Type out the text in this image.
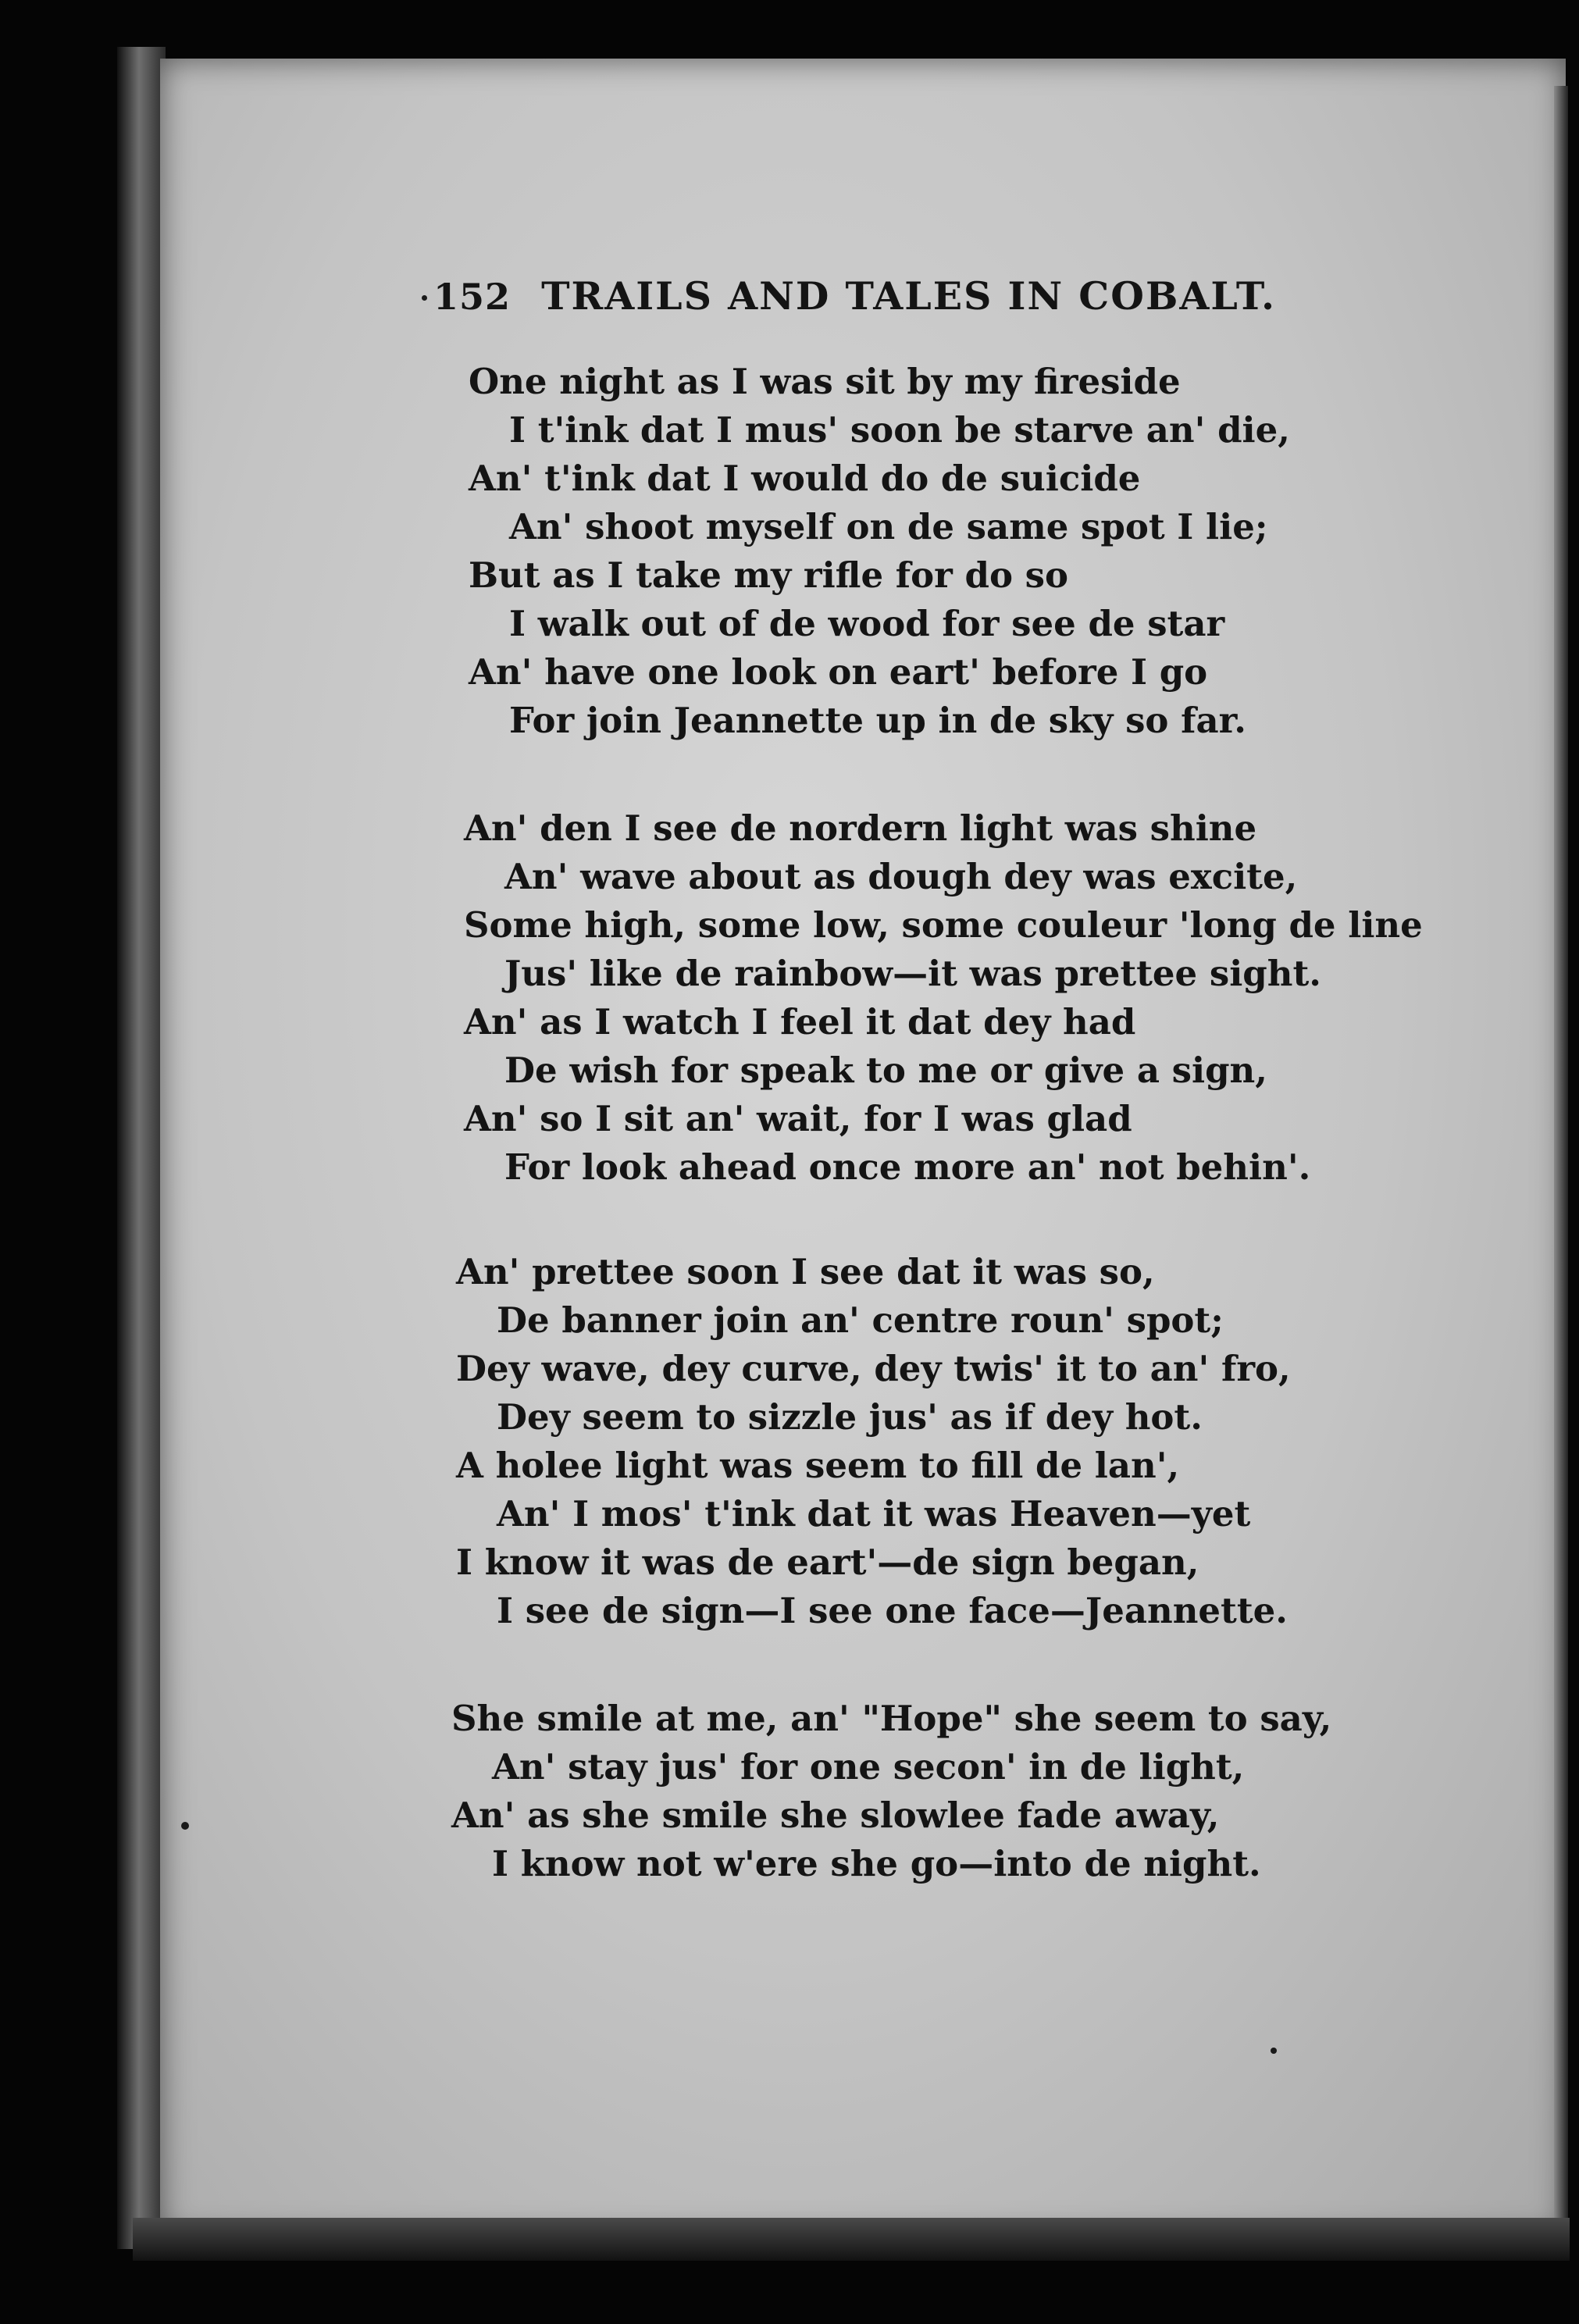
152 TRAILS AND TALES IN COBALT.
One night as I was sit by my fireside
I t'ink dat I mus' soon be starve an' die,
An' t'ink dat I would do de suicide
An' shoot myself on de same spot I lie;
But as I take my rifle for do so
I walk out of de wood for see de star
An' have one look on eart' before I go
For join Jeannette up in de sky so far.
An' den I see de nordern light was shine
An' wave about as dough dey was excite,
Some high, some low, some couleur 'long de line
Jus' like de rainbow—it was prettee sight.
An' as I watch I feel it dat dey had
De wish for speak to me or give a sign,
An' so I sit an' wait, for I was glad
For look ahead once more an' not behin'.
An' prettee soon I see dat it was so,
De banner join an' centre roun' spot;
Dey wave, dey curve, dey twis' it to an' fro,
Dey seem to sizzle jus' as if dey hot.
A holee light was seem to fill de lan',
An' I mos' t'ink dat it was Heaven—yet
I know it was de eart'—de sign began,
I see de sign—I see one face—Jeannette.
She smile at me, an' "Hope" she seem to say,
An' stay jus' for one secon' in de light,
An' as she smile she slowlee fade away,
I know not w'ere she go—into de night.
